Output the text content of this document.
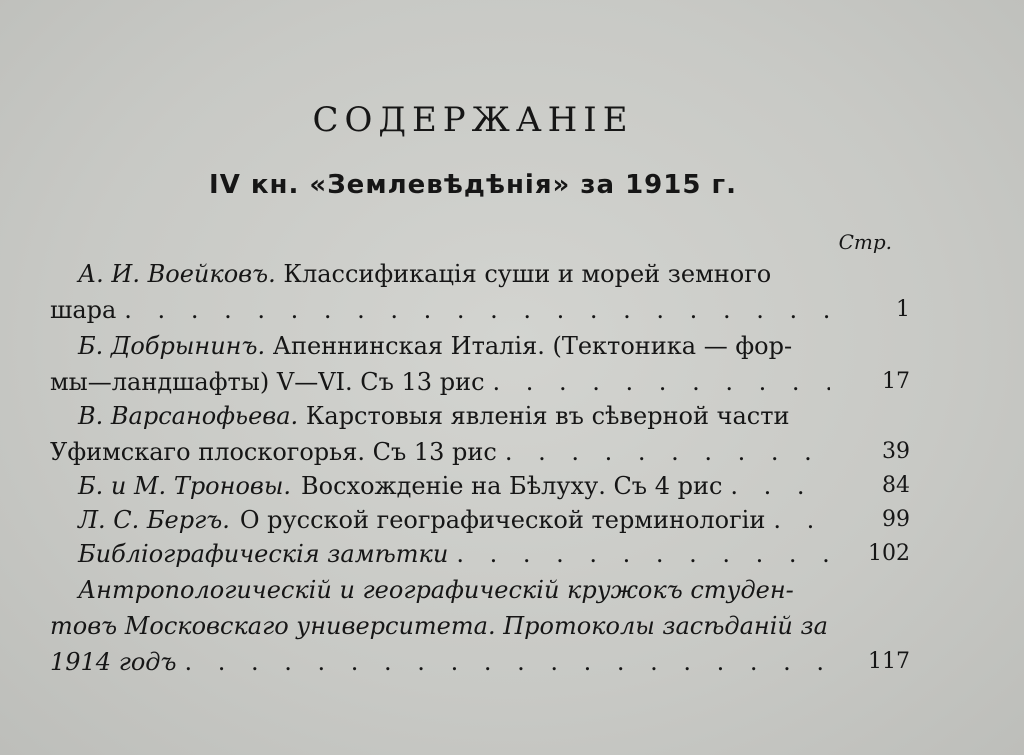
СОДЕРЖАНІЕ
IV кн. «Землевѣдѣнія» за 1915 г.
Стр.
А. И. Воейковъ. Классификація суши и морей земного
шара . . .	1
Б. Добрынинъ. Апеннинская Италія. (Тектоника — фор-
мы—ландшафты) V—VI. Съ 13 рис . . .	17
В. Варсанофьева. Карстовыя явленія въ сѣверной части
Уфимскаго плоскогорья. Съ 13 рис . . .	39
Б. и М. Троновы. Восхожденіе на Бѣлуху. Съ 4 рис . . .	84
Л. С. Бергъ. О русской географической терминологіи . . .	99
Библіографическія замѣтки . . .	102
Антропологическій и географическій кружокъ студен-
товъ Московскаго университета. Протоколы засѣданій за
1914 годъ . . .	117
